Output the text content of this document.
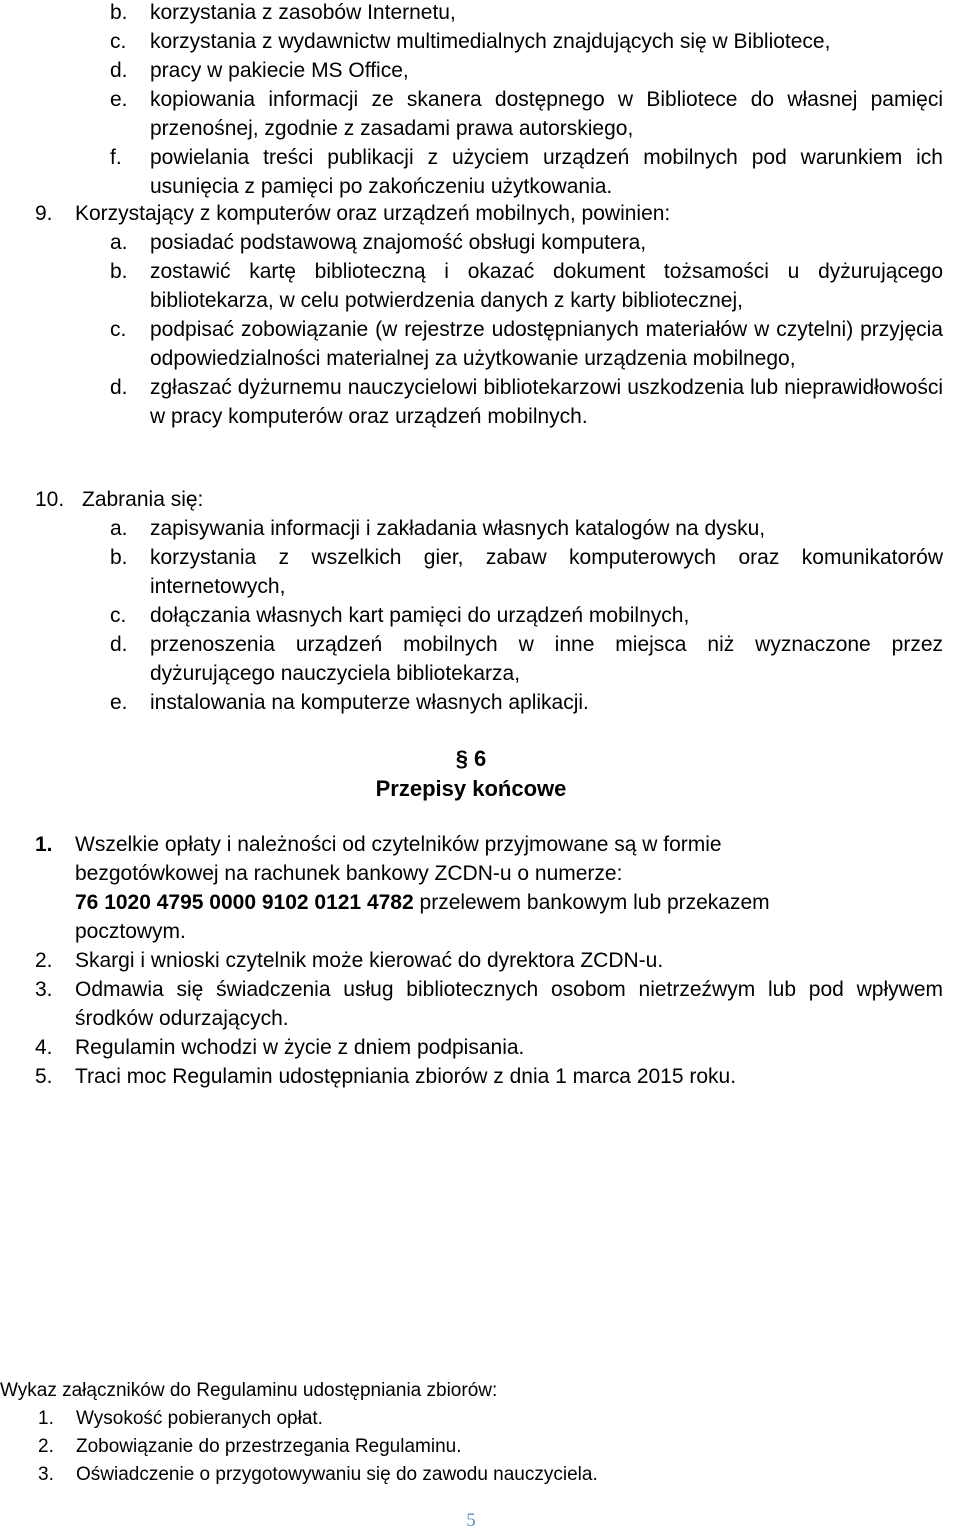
b. korzystania z zasobów Internetu,
c. korzystania z wydawnictw multimedialnych znajdujących się w Bibliotece,
d. pracy w pakiecie MS Office,
e. kopiowania informacji ze skanera dostępnego w Bibliotece do własnej pamięci przenośnej, zgodnie z zasadami prawa autorskiego,
f. powielania treści publikacji z użyciem urządzeń mobilnych pod warunkiem ich usunięcia z pamięci po zakończeniu użytkowania.
9. Korzystający z komputerów oraz urządzeń mobilnych, powinien:
a. posiadać podstawową znajomość obsługi komputera,
b. zostawić kartę biblioteczną i okazać dokument tożsamości u dyżurującego bibliotekarza, w celu potwierdzenia danych z karty bibliotecznej,
c. podpisać zobowiązanie (w rejestrze udostępnianych materiałów w czytelni) przyjęcia odpowiedzialności materialnej za użytkowanie urządzenia mobilnego,
d. zgłaszać dyżurnemu nauczycielowi bibliotekarzowi uszkodzenia lub nieprawidłowości w pracy komputerów oraz urządzeń mobilnych.
10. Zabrania się:
a. zapisywania informacji i zakładania własnych katalogów na dysku,
b. korzystania z wszelkich gier, zabaw komputerowych oraz komunikatorów internetowych,
c. dołączania własnych kart pamięci do urządzeń mobilnych,
d. przenoszenia urządzeń mobilnych w inne miejsca niż wyznaczone przez dyżurującego nauczyciela bibliotekarza,
e. instalowania na komputerze własnych aplikacji.
§ 6
Przepisy końcowe
1. Wszelkie opłaty i należności od czytelników przyjmowane są w formie bezgotówkowej na rachunek bankowy ZCDN-u o numerze:
76 1020 4795 0000 9102 0121 4782 przelewem bankowym lub przekazem pocztowym.
2. Skargi i wnioski czytelnik może kierować do dyrektora ZCDN-u.
3. Odmawia się świadczenia usług bibliotecznych osobom nietrzeźwym lub pod wpływem środków odurzających.
4. Regulamin wchodzi w życie z dniem podpisania.
5. Traci moc Regulamin udostępniania zbiorów z dnia 1 marca 2015 roku.
Wykaz załączników do Regulaminu udostępniania zbiorów:
1. Wysokość pobieranych opłat.
2. Zobowiązanie do przestrzegania Regulaminu.
3. Oświadczenie o przygotowywaniu się do zawodu nauczyciela.
5
